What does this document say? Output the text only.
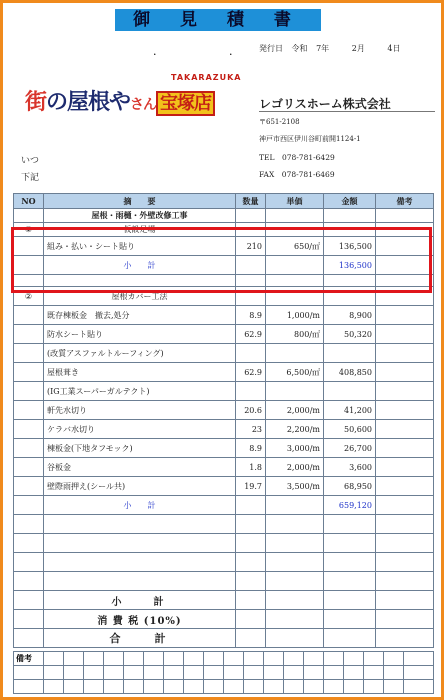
御 見 積 書
.	.	発行日 令和 7年	2月	4日
TAKARAZUKA
街の屋根やさん 宝塚店	レゴリスホーム株式会社
〒651-2108
神戸市西区伊川谷町前開1124-1
TEL　078-781-6429
FAX　078-781-6469
いつ
下記
NO	摘　　要	数量	単価	金額	備考
	屋根・雨樋・外壁改修工事				
①	仮設足場				
	組み・払い・シート貼り	210	650/㎡	136,500	
	小　　計			136,500	

②	屋根カバー工法				
	既存棟板金　撤去,処分	8.9	1,000/m	8,900	
	防水シート貼り	62.9	800/㎡	50,320	
	(改質アスファルトルーフィング)				
	屋根葺き	62.9	6,500/㎡	408,850	
	(IG工業スーパーガルテクト)				
	軒先水切り	20.6	2,000/m	41,200	
	ケラバ水切り	23	2,200/m	50,600	
	棟板金(下地タフモック)	8.9	3,000/m	26,700	
	谷板金	1.8	2,000/m	3,600	
	壁際雨押え(シール共)	19.7	3,500/m	68,950	
	小　　計			659,120	

	小　　計				
	消 費 税 (10%)				
	合　　計				
備考																			
